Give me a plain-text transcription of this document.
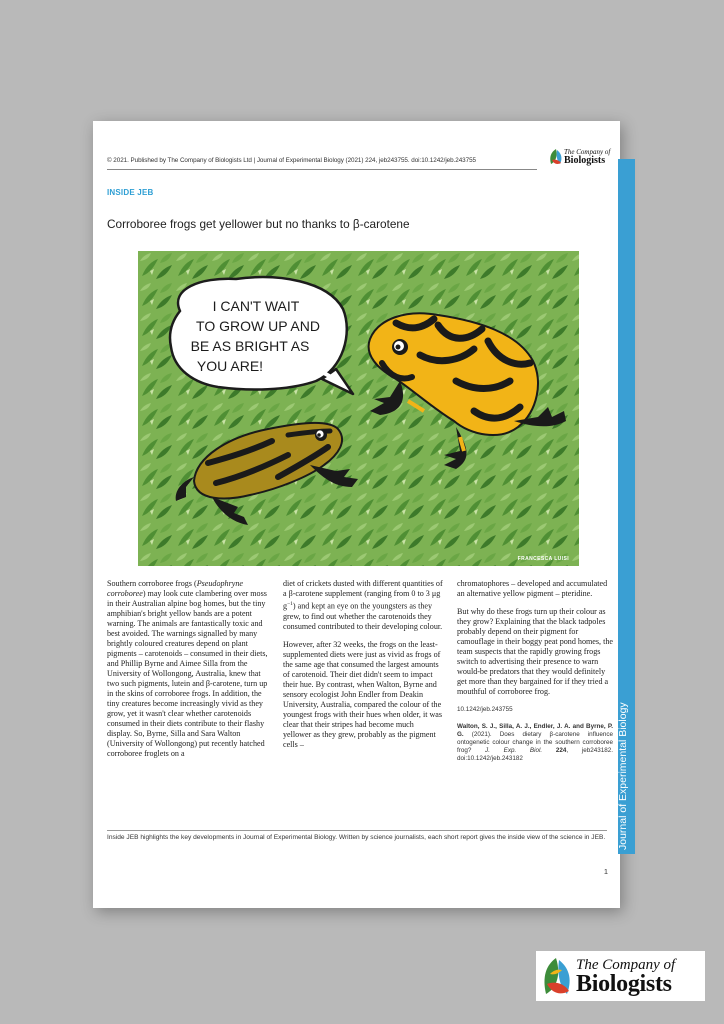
© 2021. Published by The Company of Biologists Ltd | Journal of Experimental Biology (2021) 224, jeb243755. doi:10.1242/jeb.243755
The Company of
Biologists
Journal of Experimental Biology
INSIDE JEB
Corroboree frogs get yellower but no thanks to β-carotene
I CAN'T WAIT
TO GROW UP AND
BE AS BRIGHT AS
YOU ARE!
FRANCESCA LUISI

Southern corroboree frogs (Pseudophryne corroboree) may look cute clambering over moss in their Australian alpine bog homes, but the tiny amphibian's bright yellow bands are a potent warning. The animals are fantastically toxic and best avoided. The warnings signalled by many brightly coloured creatures depend on plant pigments – carotenoids – consumed in their diets, and Phillip Byrne and Aimee Silla from the University of Wollongong, Australia, knew that two such pigments, lutein and β-carotene, turn up in the skins of corroboree frogs. In addition, the tiny creatures become increasingly vivid as they grow, yet it wasn't clear whether carotenoids consumed in their diets contribute to their flashy display. So, Byrne, Silla and Sara Walton (University of Wollongong) put recently hatched corroboree froglets on a

diet of crickets dusted with different quantities of a β-carotene supplement (ranging from 0 to 3 μg $g^{-1}$) and kept an eye on the youngsters as they grew, to find out whether the carotenoids they consumed contributed to their developing colour.

However, after 32 weeks, the frogs on the least-supplemented diets were just as vivid as frogs of the same age that consumed the largest amounts of carotenoid. Their diet didn't seem to impact their hue. By contrast, when Walton, Byrne and sensory ecologist John Endler from Deakin University, Australia, compared the colour of the youngest frogs with their hues when older, it was clear that their stripes had become much yellower as they grew, probably as the pigment cells –

chromatophores – developed and accumulated an alternative yellow pigment – pteridine.

But why do these frogs turn up their colour as they grow? Explaining that the black tadpoles probably depend on their pigment for camouflage in their boggy peat pond homes, the team suspects that the rapidly growing frogs switch to advertising their presence to warn would-be predators that they would definitely get more than they bargained for if they tried a mouthful of corroboree frog.

10.1242/jeb.243755
Walton, S. J., Silla, A. J., Endler, J. A. and Byrne, P. G. (2021). Does dietary β-carotene influence ontogenetic colour change in the southern corroboree frog? J. Exp. Biol. 224, jeb243182. doi:10.1242/jeb.243182
Inside JEB highlights the key developments in Journal of Experimental Biology. Written by science journalists, each short report gives the inside view of the science in JEB.
1
The Company of
Biologists
